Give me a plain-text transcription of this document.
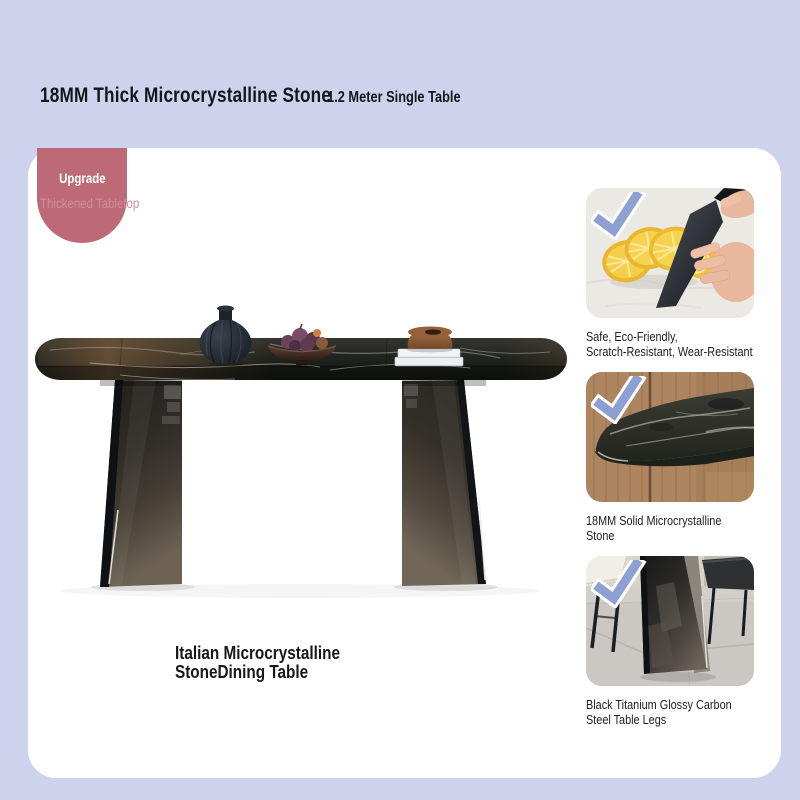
18MM Thick Microcrystalline Stone
1.2 Meter Single Table
Upgrade
Thickened Tabletop
Italian Microcrystalline
StoneDining Table
Safe, Eco-Friendly,
Scratch-Resistant, Wear-Resistant
18MM Solid Microcrystalline
Stone
Black Titanium Glossy Carbon
Steel Table Legs
